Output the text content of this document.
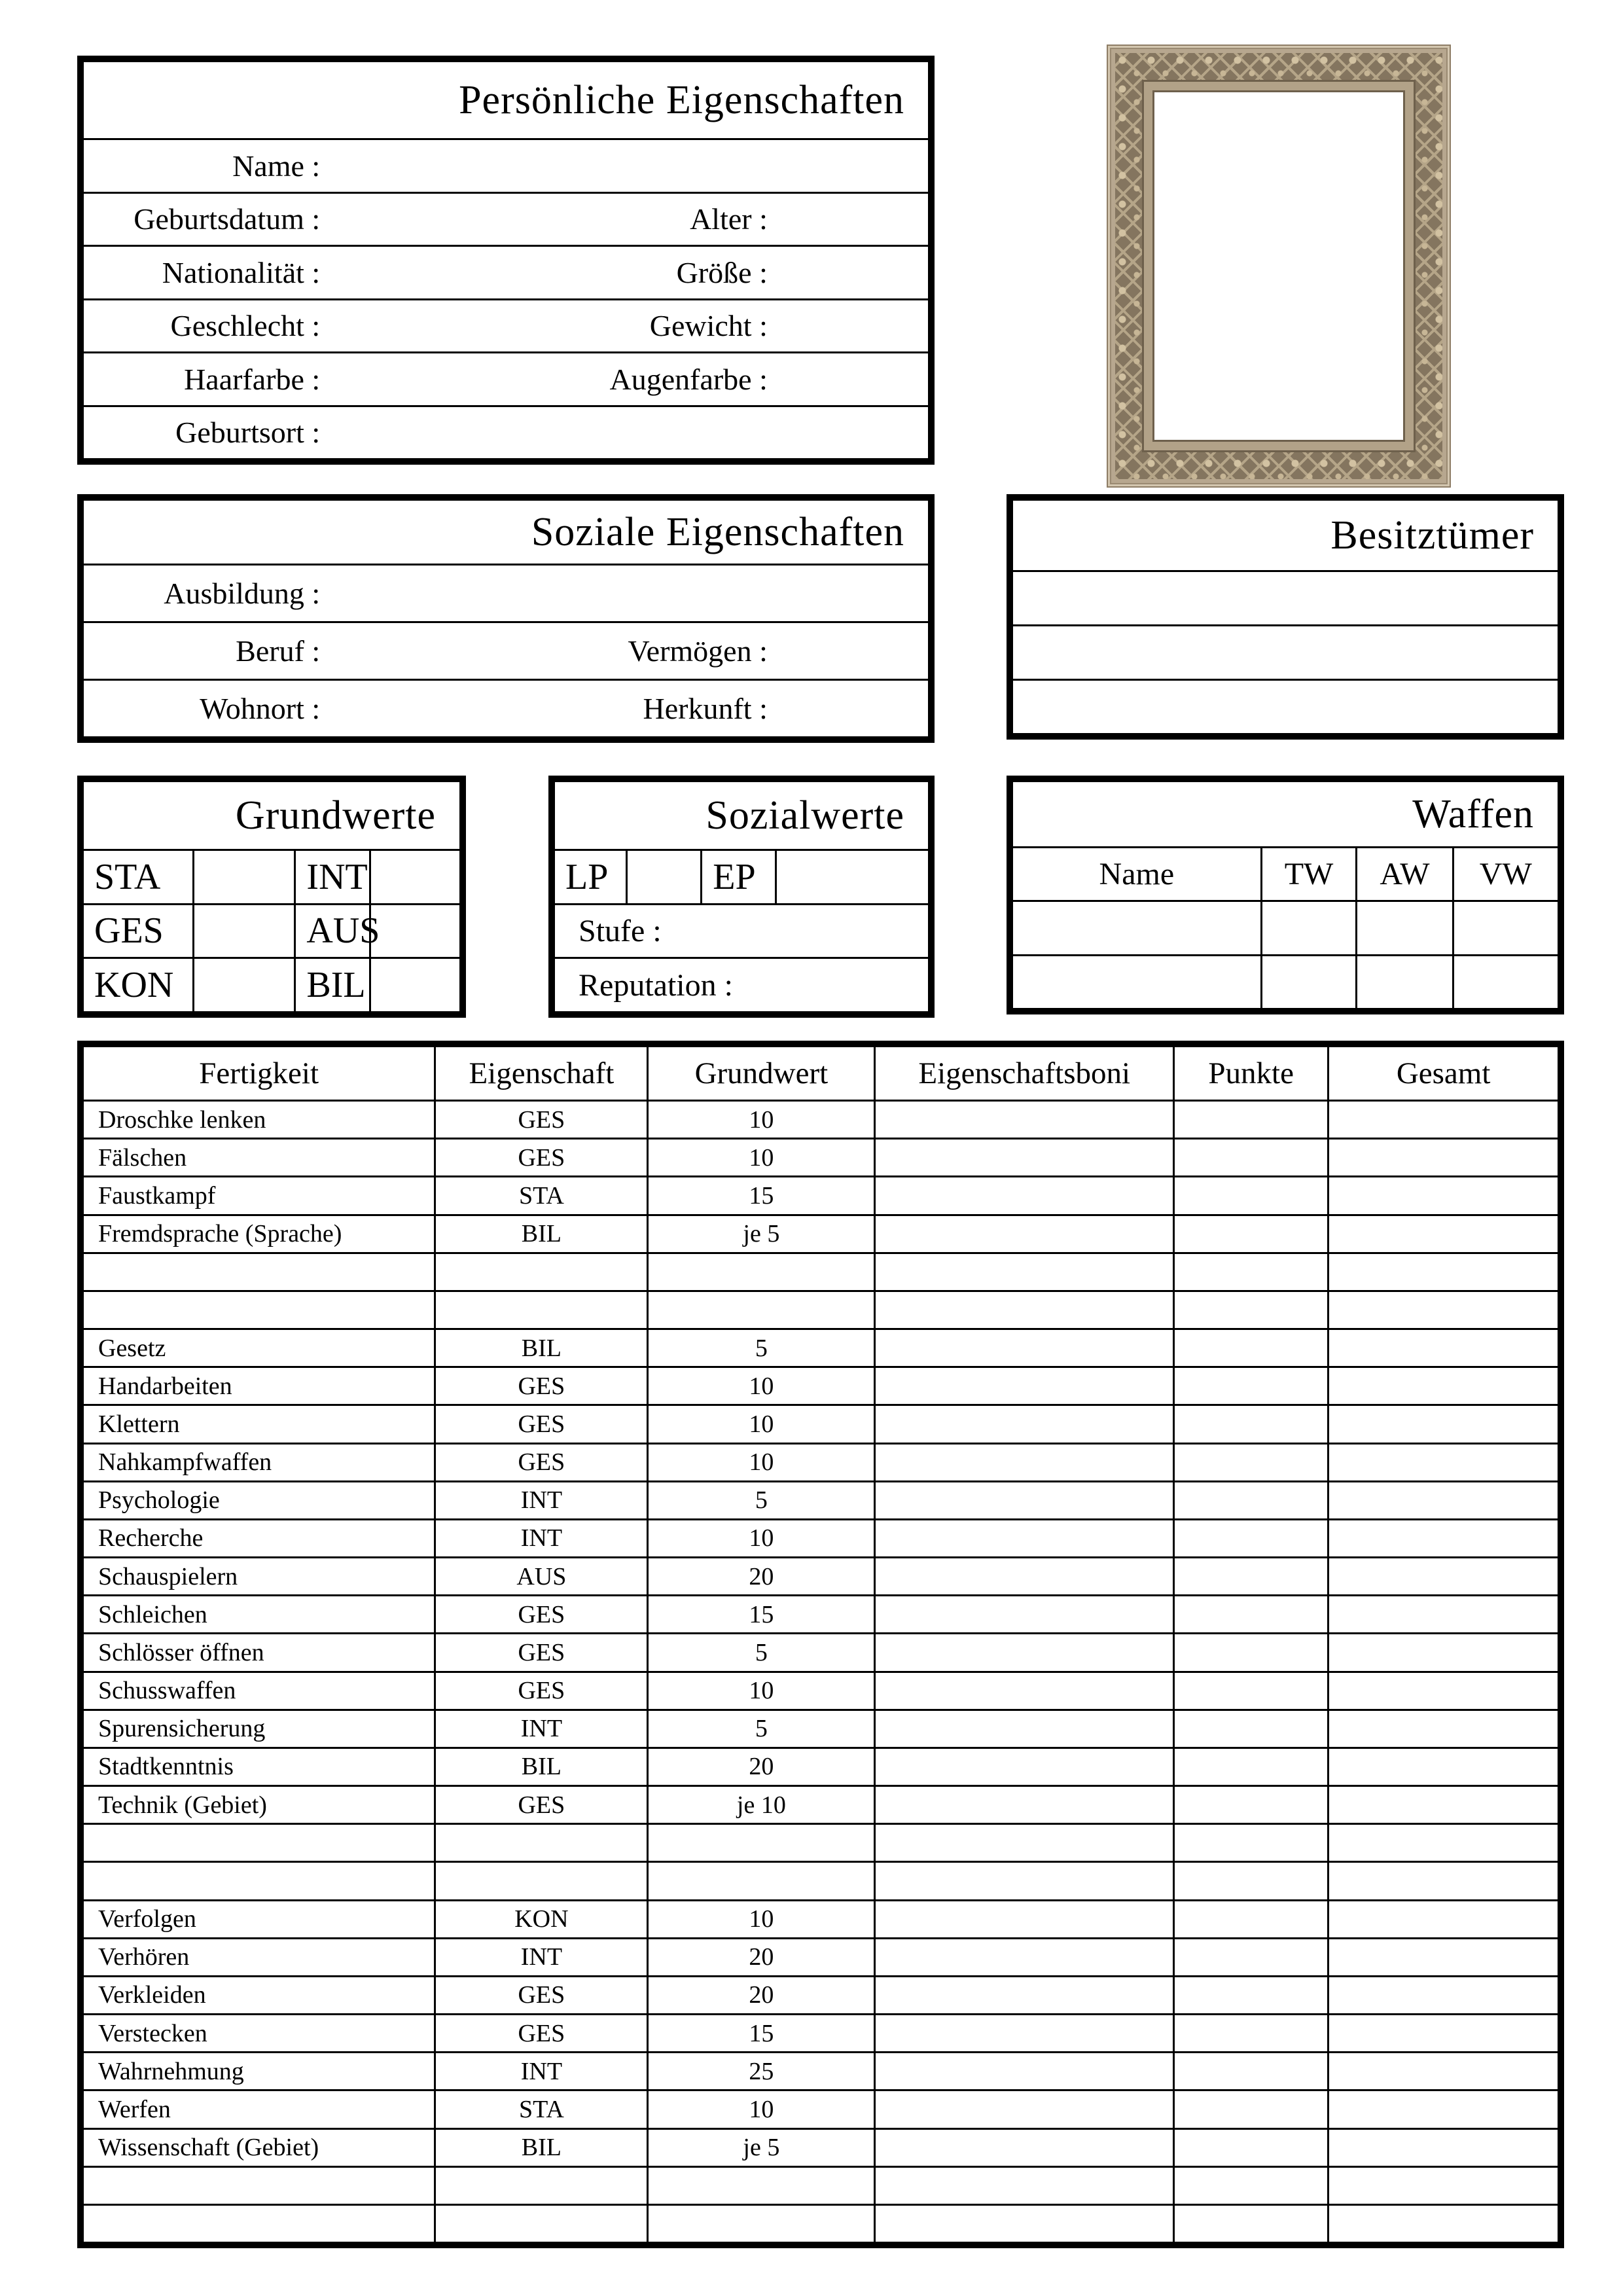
Persönliche Eigenschaften
Name :
Geburtsdatum :	Alter :
Nationalität :	Größe :
Geschlecht :	Gewicht :
Haarfarbe :	Augenfarbe :
Geburtsort :
Soziale Eigenschaften
Ausbildung :
Beruf :	Vermögen :
Wohnort :	Herkunft :
Besitztümer
Grundwerte
STA	INT
GES	AUS
KON	BIL
Sozialwerte
LP	EP
Stufe :
Reputation :
Waffen
Name	TW	AW	VW
Fertigkeit	Eigenschaft	Grundwert	Eigenschaftsboni	Punkte	Gesamt
Droschke lenken	GES	10
Fälschen	GES	10
Faustkampf	STA	15
Fremdsprache (Sprache)	BIL	je 5
Gesetz	BIL	5
Handarbeiten	GES	10
Klettern	GES	10
Nahkampfwaffen	GES	10
Psychologie	INT	5
Recherche	INT	10
Schauspielern	AUS	20
Schleichen	GES	15
Schlösser öffnen	GES	5
Schusswaffen	GES	10
Spurensicherung	INT	5
Stadtkenntnis	BIL	20
Technik (Gebiet)	GES	je 10
Verfolgen	KON	10
Verhören	INT	20
Verkleiden	GES	20
Verstecken	GES	15
Wahrnehmung	INT	25
Werfen	STA	10
Wissenschaft (Gebiet)	BIL	je 5
